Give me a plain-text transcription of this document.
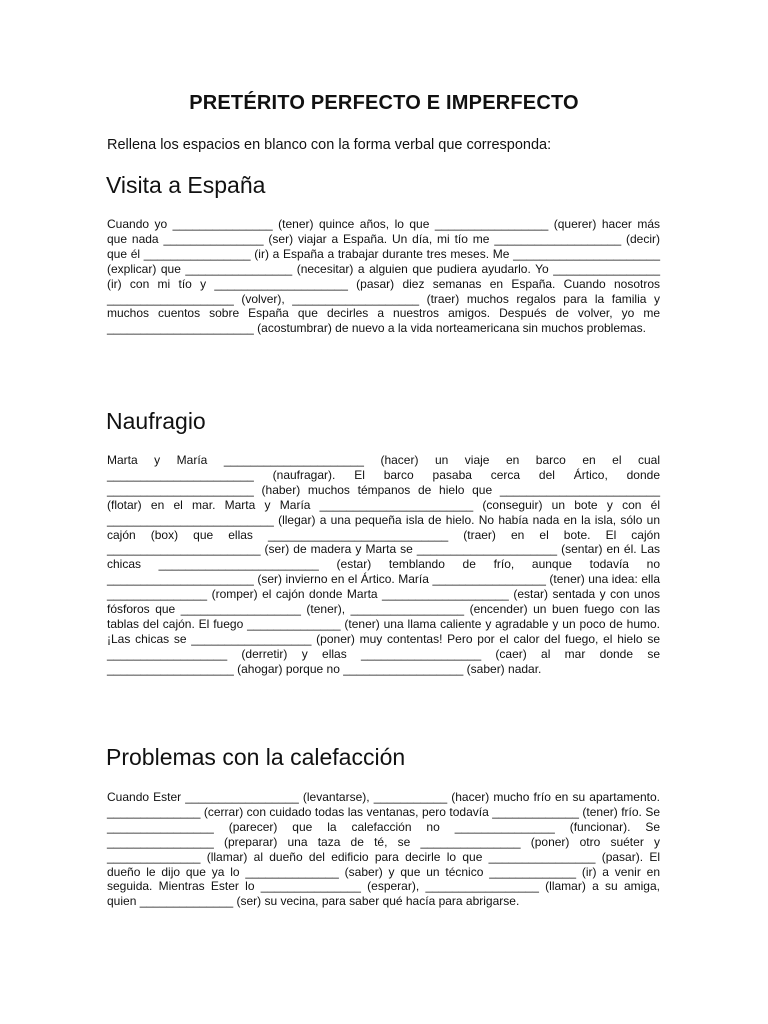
PRETÉRITO PERFECTO E IMPERFECTO
Rellena los espacios en blanco con la forma verbal que corresponda:
Visita a España

Cuando yo _______________ (tener) quince años, lo que _________________ (querer) hacer más que nada _______________ (ser) viajar a España. Un día, mi tío me ___________________ (decir) que él ________________ (ir) a España a trabajar durante tres meses. Me ______________________ (explicar) que ________________ (necesitar) a alguien que pudiera ayudarlo. Yo ________________ (ir) con mi tío y ____________________ (pasar) diez semanas en España. Cuando nosotros ___________________ (volver), ___________________ (traer) muchos regalos para la familia y muchos cuentos sobre España que decirles a nuestros amigos. Después de volver, yo me ______________________ (acostumbrar) de nuevo a la vida norteamericana sin muchos problemas.

Naufragio

Marta y María _____________________ (hacer) un viaje en barco en el cual ______________________ (naufragar). El barco pasaba cerca del Ártico, donde ______________________ (haber) muchos témpanos de hielo que ________________________ (flotar) en el mar. Marta y María _______________________ (conseguir) un bote y con él _________________________ (llegar) a una pequeña isla de hielo. No había nada en la isla, sólo un cajón (box) que ellas ___________________________ (traer) en el bote. El cajón _______________________ (ser) de madera y Marta se _____________________ (sentar) en él. Las chicas ________________________ (estar) temblando de frío, aunque todavía no ______________________ (ser) invierno en el Ártico. María _________________ (tener) una idea: ella _______________ (romper) el cajón donde Marta ___________________ (estar) sentada y con unos fósforos que __________________ (tener), _________________ (encender) un buen fuego con las tablas del cajón. El fuego ______________ (tener) una llama caliente y agradable y un poco de humo. ¡Las chicas se __________________ (poner) muy contentas! Pero por el calor del fuego, el hielo se __________________ (derretir) y ellas __________________ (caer) al mar donde se ___________________ (ahogar) porque no __________________ (saber) nadar.

Problemas con la calefacción

Cuando Ester _________________ (levantarse), ___________ (hacer) mucho frío en su apartamento. ______________ (cerrar) con cuidado todas las ventanas, pero todavía _____________ (tener) frío. Se ________________ (parecer) que la calefacción no _______________ (funcionar). Se ________________ (preparar) una taza de té, se _______________ (poner) otro suéter y ______________ (llamar) al dueño del edificio para decirle lo que ________________ (pasar). El dueño le dijo que ya lo ______________ (saber) y que un técnico _____________ (ir) a venir en seguida. Mientras Ester lo _______________ (esperar), _________________ (llamar) a su amiga, quien ______________ (ser) su vecina, para saber qué hacía para abrigarse.
